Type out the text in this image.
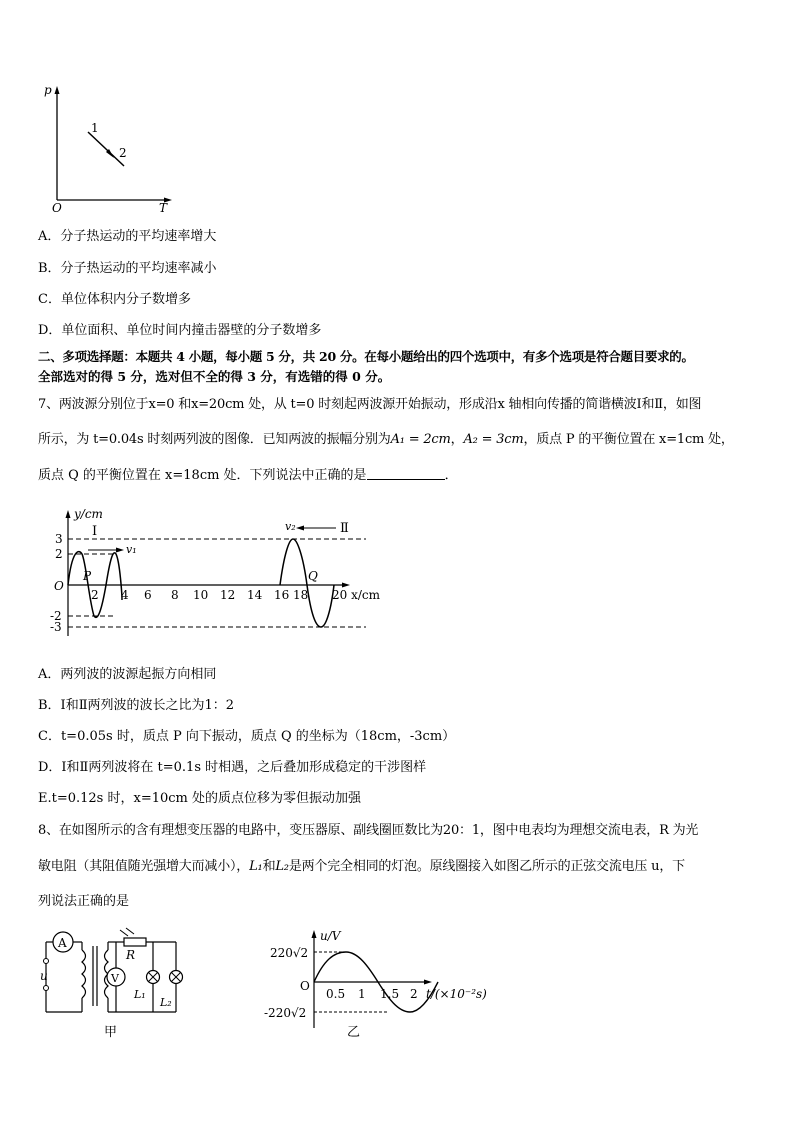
p
T
O
1
2
A．分子热运动的平均速率增大
B．分子热运动的平均速率减小
C．单位体积内分子数增多
D．单位面积、单位时间内撞击器壁的分子数增多
二、多项选择题：本题共 4 小题，每小题 5 分，共 20 分。在每小题给出的四个选项中，有多个选项是符合题目要求的。
全部选对的得 5 分，选对但不全的得 3 分，有选错的得 0 分。
7、两波源分别位于x=0 和x=20cm 处，从 t=0 时刻起两波源开始振动，形成沿x 轴相向传播的简谐横波Ⅰ和Ⅱ，如图
所示，为 t=0.04s 时刻两列波的图像．已知两波的振幅分别为A₁ = 2cm，A₂ = 3cm，质点 P 的平衡位置在 x=1cm 处，
质点 Q 的平衡位置在 x=18cm 处．下列说法中正确的是	．
y/cm
Ⅰ
v₁
v₂	Ⅱ
P	Q
O
3
2
-2
-3
2 4 6 8 10 12 14 16 18 20 x/cm
A．两列波的波源起振方向相同
B．Ⅰ和Ⅱ两列波的波长之比为1：2
C．t=0.05s 时，质点 P 向下振动，质点 Q 的坐标为（18cm，-3cm）
D．Ⅰ和Ⅱ两列波将在 t=0.1s 时相遇，之后叠加形成稳定的干涉图样
E.t=0.12s 时，x=10cm 处的质点位移为零但振动加强
8、在如图所示的含有理想变压器的电路中，变压器原、副线圈匝数比为20：1，图中电表均为理想交流电表，R 为光
敏电阻（其阻值随光强增大而减小），L₁和L₂是两个完全相同的灯泡。原线圈接入如图乙所示的正弦交流电压 u，下
列说法正确的是
u
A
R
V
L₁
L₂
甲
u/V
220√2
O
-220√2
0.5 1 1.5 2 t/(×10⁻²s)
乙
